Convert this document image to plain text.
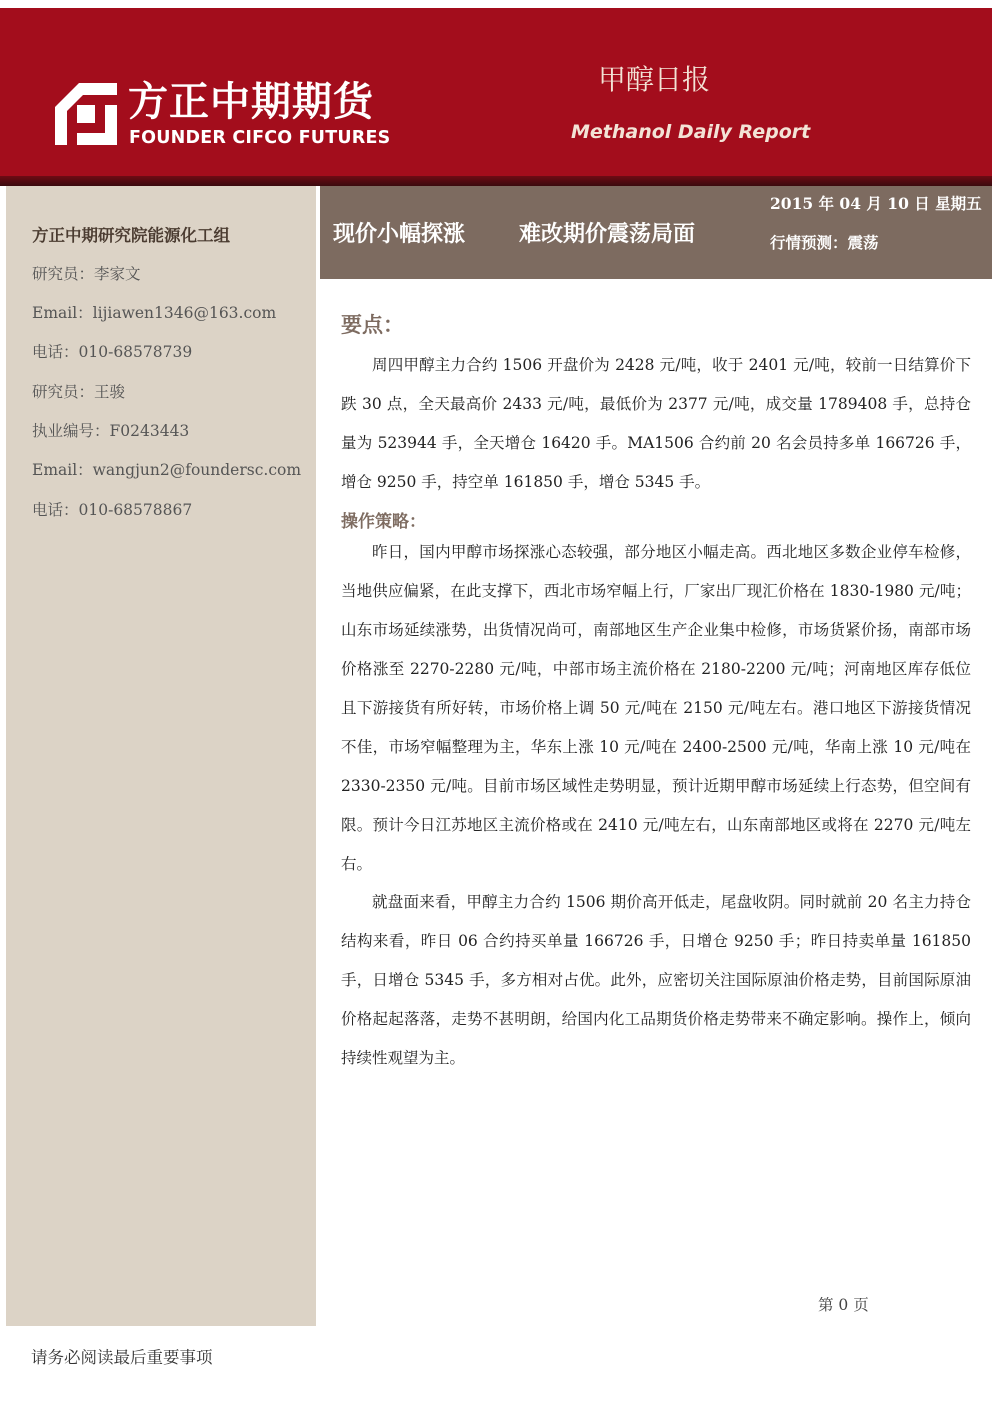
方正中期期货
FOUNDER CIFCO FUTURES
甲醇日报
Methanol Daily Report
方正中期研究院能源化工组
研究员：李家文
Email：lijiawen1346@163.com
电话：010-68578739
研究员：王骏
执业编号：F0243443
Email：wangjun2@foundersc.com
电话：010-68578867
现价小幅探涨 难改期价震荡局面
2015 年 04 月 10 日 星期五
行情预测：震荡
要点：

周四甲醇主力合约 1506 开盘价为 2428 元/吨，收于 2401 元/吨，较前一日结算价下跌 30 点，全天最高价 2433 元/吨，最低价为 2377 元/吨，成交量 1789408 手，总持仓量为 523944 手，全天增仓 16420 手。MA1506 合约前 20 名会员持多单 166726 手，增仓 9250 手，持空单 161850 手，增仓 5345 手。

操作策略：

昨日，国内甲醇市场探涨心态较强，部分地区小幅走高。西北地区多数企业停车检修，当地供应偏紧，在此支撑下，西北市场窄幅上行，厂家出厂现汇价格在 1830-1980 元/吨；山东市场延续涨势，出货情况尚可，南部地区生产企业集中检修，市场货紧价扬，南部市场价格涨至 2270-2280 元/吨，中部市场主流价格在 2180-2200 元/吨；河南地区库存低位且下游接货有所好转，市场价格上调 50 元/吨在 2150 元/吨左右。港口地区下游接货情况不佳，市场窄幅整理为主，华东上涨 10 元/吨在 2400-2500 元/吨，华南上涨 10 元/吨在 2330-2350 元/吨。目前市场区域性走势明显，预计近期甲醇市场延续上行态势，但空间有限。预计今日江苏地区主流价格或在 2410 元/吨左右，山东南部地区或将在 2270 元/吨左右。

就盘面来看，甲醇主力合约 1506 期价高开低走，尾盘收阴。同时就前 20 名主力持仓结构来看，昨日 06 合约持买单量 166726 手，日增仓 9250 手；昨日持卖单量 161850 手，日增仓 5345 手，多方相对占优。此外，应密切关注国际原油价格走势，目前国际原油价格起起落落，走势不甚明朗，给国内化工品期货价格走势带来不确定影响。操作上，倾向持续性观望为主。

第 0 页
请务必阅读最后重要事项
